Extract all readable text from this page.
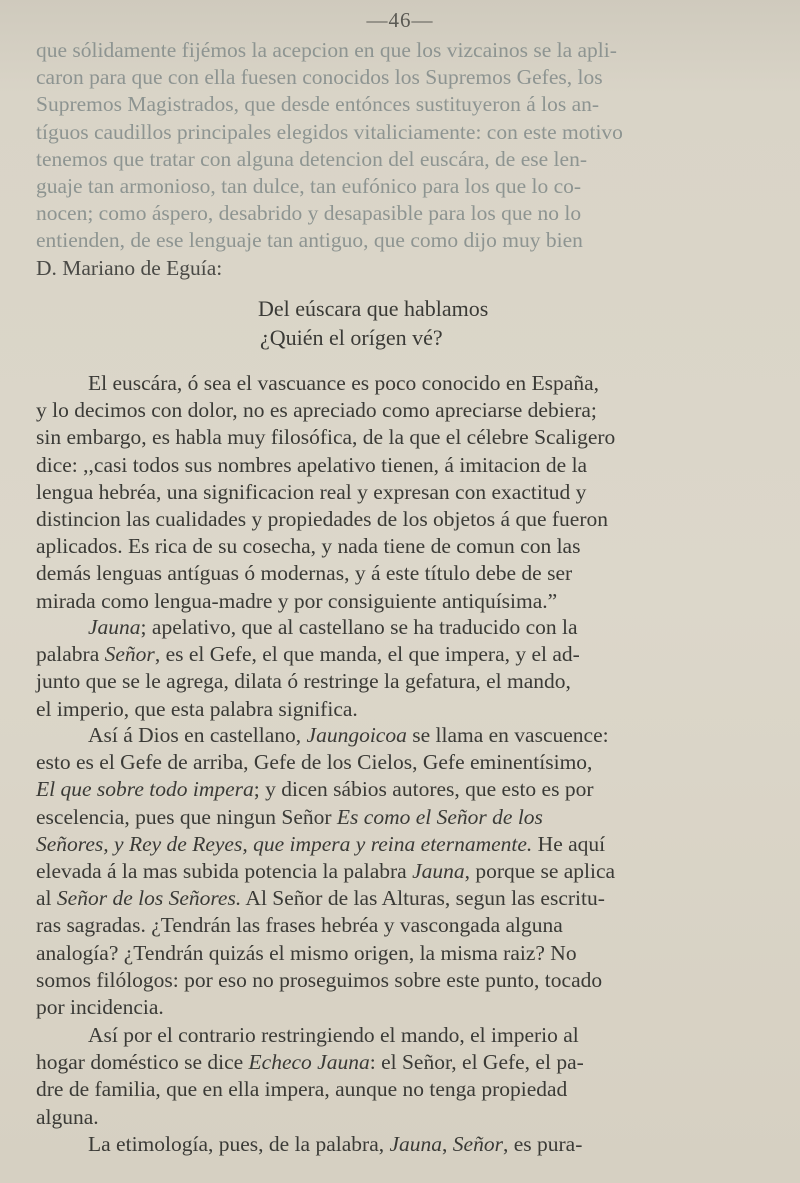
—46—
que sólidamente fijémos la acepcion en que los vizcainos se la apli-
caron para que con ella fuesen conocidos los Supremos Gefes, los
Supremos Magistrados, que desde entónces sustituyeron á los an-
tíguos caudillos principales elegidos vitaliciamente: con este motivo
tenemos que tratar con alguna detencion del euscára, de ese len-
guaje tan armonioso, tan dulce, tan eufónico para los que lo co-
nocen; como áspero, desabrido y desapasible para los que no lo
entienden, de ese lenguaje tan antiguo, que como dijo muy bien
D. Mariano de Eguía:
Del eúscara que hablamos
¿Quién el orígen vé?
El euscára, ó sea el vascuance es poco conocido en España,
y lo decimos con dolor, no es apreciado como apreciarse debiera;
sin embargo, es habla muy filosófica, de la que el célebre Scaligero
dice: ,,casi todos sus nombres apelativo tienen, á imitacion de la
lengua hebréa, una significacion real y expresan con exactitud y
distincion las cualidades y propiedades de los objetos á que fueron
aplicados. Es rica de su cosecha, y nada tiene de comun con las
demás lenguas antíguas ó modernas, y á este título debe de ser
mirada como lengua-madre y por consiguiente antiquísima.”
Jauna; apelativo, que al castellano se ha traducido con la
palabra Señor, es el Gefe, el que manda, el que impera, y el ad-
junto que se le agrega, dilata ó restringe la gefatura, el mando,
el imperio, que esta palabra significa.
Así á Dios en castellano, Jaungoicoa se llama en vascuence:
esto es el Gefe de arriba, Gefe de los Cielos, Gefe eminentísimo,
El que sobre todo impera; y dicen sábios autores, que esto es por
escelencia, pues que ningun Señor Es como el Señor de los
Señores, y Rey de Reyes, que impera y reina eternamente. He aquí
elevada á la mas subida potencia la palabra Jauna, porque se aplica
al Señor de los Señores. Al Señor de las Alturas, segun las escritu-
ras sagradas. ¿Tendrán las frases hebréa y vascongada alguna
analogía? ¿Tendrán quizás el mismo origen, la misma raiz? No
somos filólogos: por eso no proseguimos sobre este punto, tocado
por incidencia.
Así por el contrario restringiendo el mando, el imperio al
hogar doméstico se dice Echeco Jauna: el Señor, el Gefe, el pa-
dre de familia, que en ella impera, aunque no tenga propiedad
alguna.
La etimología, pues, de la palabra, Jauna, Señor, es pura-
